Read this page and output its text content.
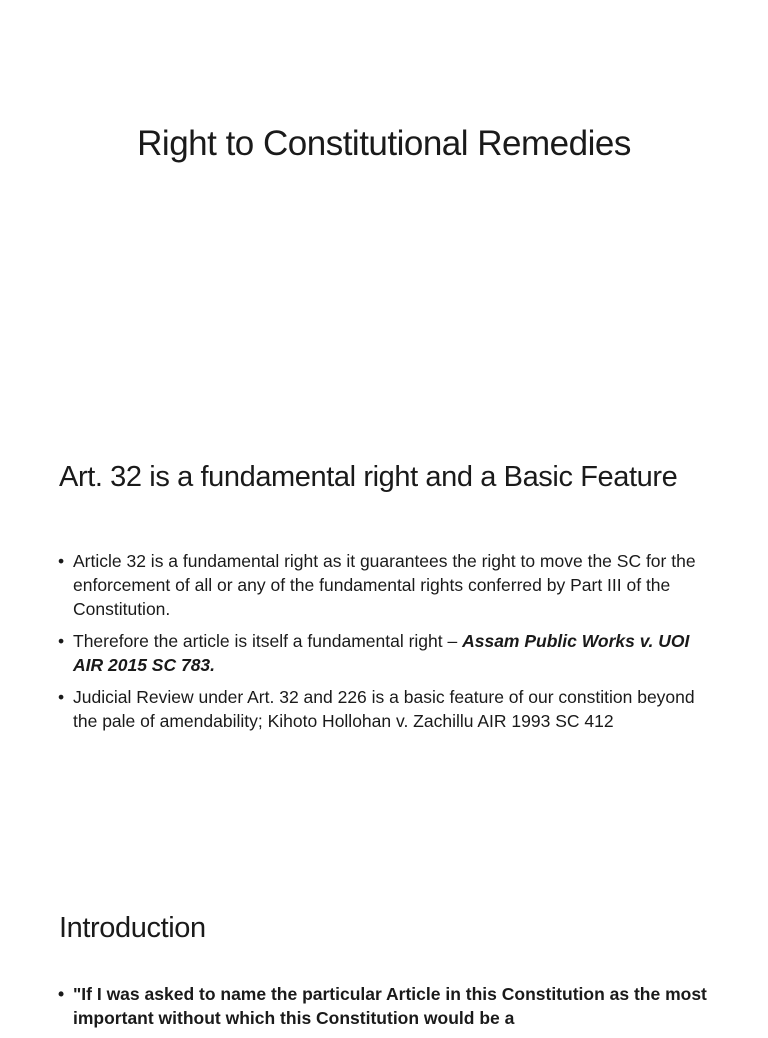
Right to Constitutional Remedies
Art. 32 is a fundamental right and a Basic Feature
• Article 32 is a fundamental right as it guarantees the right to move the SC for the enforcement of all or any of the fundamental rights conferred by Part III of the Constitution.
• Therefore the article is itself a fundamental right – Assam Public Works v. UOI AIR 2015 SC 783.
• Judicial Review under Art. 32 and 226 is a basic feature of our constition beyond the pale of amendability; Kihoto Hollohan v. Zachillu AIR 1993 SC 412
Introduction
• "If I was asked to name the particular Article in this Constitution as the most important without which this Constitution would be a
